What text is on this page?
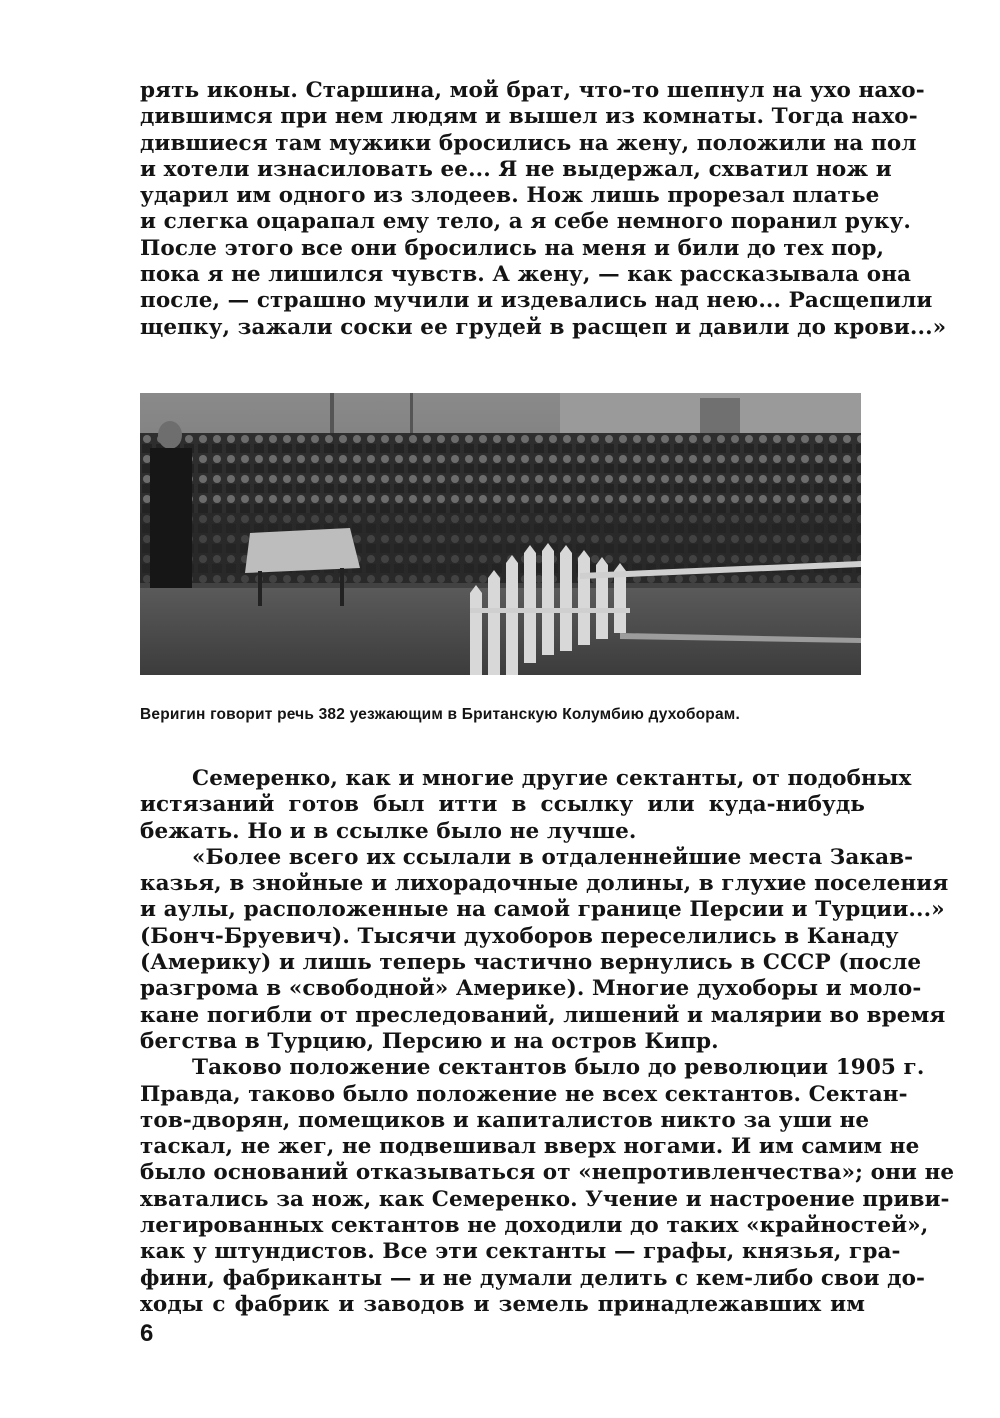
рять иконы. Старшина, мой брат, что-то шепнул на ухо нахо-
дившимся при нем людям и вышел из комнаты. Тогда нахо-
дившиеся там мужики бросились на жену, положили на пол
и хотели изнасиловать ее... Я не выдержал, схватил нож и
ударил им одного из злодеев. Нож лишь прорезал платье
и слегка оцарапал ему тело, а я себе немного поранил руку.
После этого все они бросились на меня и били до тех пор,
пока я не лишился чувств. А жену, — как рассказывала она
после, — страшно мучили и издевались над нею... Расщепили
щепку, зажали соски ее грудей в расщеп и давили до крови...»
Веригин говорит речь 382 уезжающим в Британскую Колумбию духоборам.
Семеренко, как и многие другие сектанты, от подобных
истязаний готов был итти в ссылку или куда-нибудь
бежать. Но и в ссылке было не лучше.
«Более всего их ссылали в отдаленнейшие места Закав-
казья, в знойные и лихорадочные долины, в глухие поселения
и аулы, расположенные на самой границе Персии и Турции...»
(Бонч-Бруевич). Тысячи духоборов переселились в Канаду
(Америку) и лишь теперь частично вернулись в СССР (после
разгрома в «свободной» Америке). Многие духоборы и моло-
кане погибли от преследований, лишений и малярии во время
бегства в Турцию, Персию и на остров Кипр.
Таково положение сектантов было до революции 1905 г.
Правда, таково было положение не всех сектантов. Сектан-
тов-дворян, помещиков и капиталистов никто за уши не
таскал, не жег, не подвешивал вверх ногами. И им самим не
было оснований отказываться от «непротивленчества»; они не
хватались за нож, как Семеренко. Учение и настроение приви-
легированных сектантов не доходили до таких «крайностей»,
как у штундистов. Все эти сектанты — графы, князья, гра-
фини, фабриканты — и не думали делить с кем-либо свои до-
ходы с фабрик и заводов и земель принадлежавших им
6
